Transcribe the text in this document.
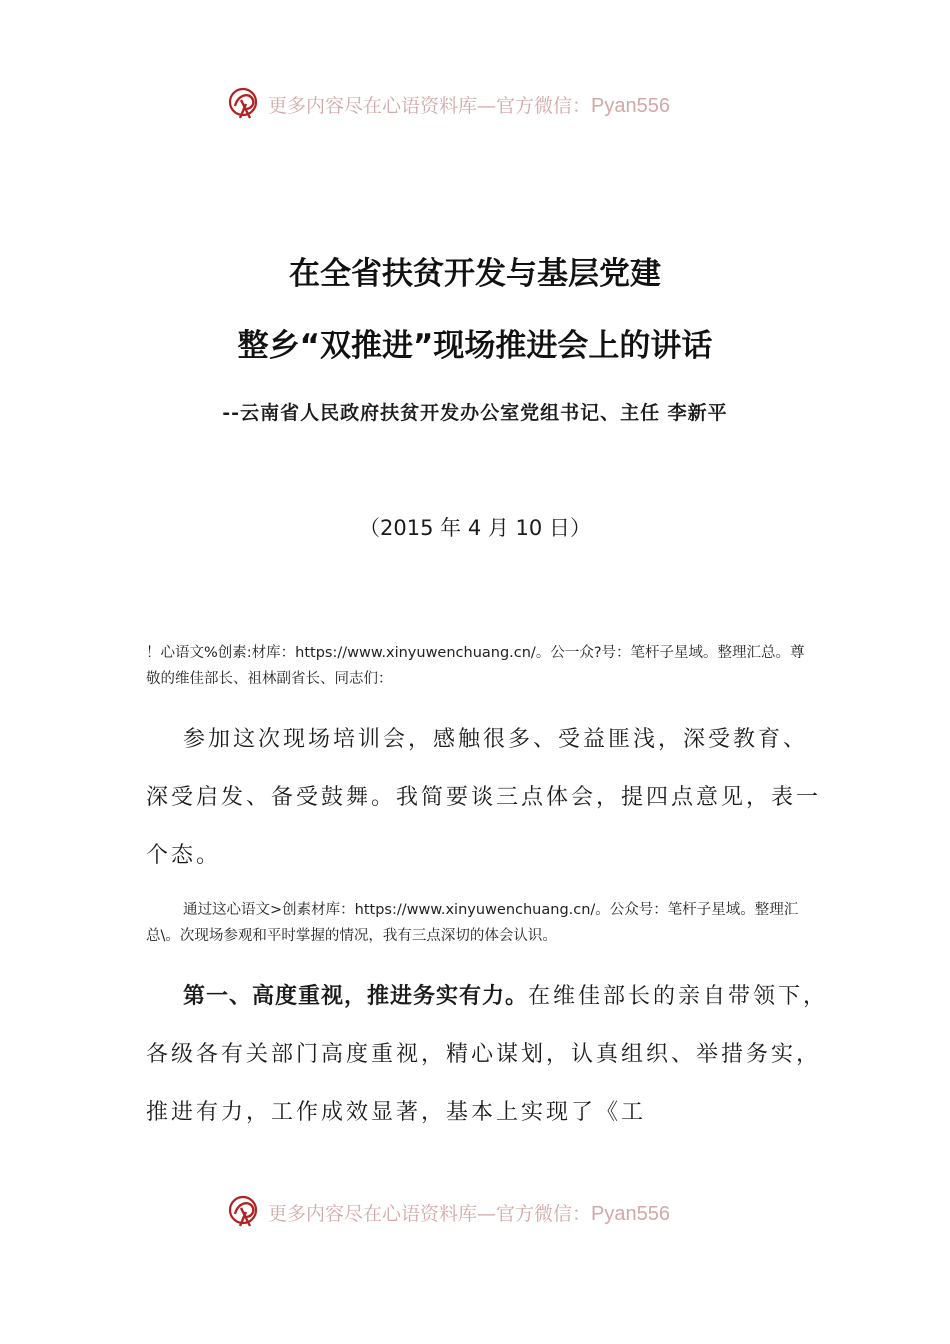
更多内容尽在心语资料库—官方微信：Pyan556
在全省扶贫开发与基层党建
整乡“双推进”现场推进会上的讲话
--云南省人民政府扶贫开发办公室党组书记、主任 李新平
（2015 年 4 月 10 日）
！心语文%创素:材库：https://www.xinyuwenchuang.cn/。公一众?号：笔杆子星域。整理汇总。尊敬的维佳部长、祖林副省长、同志们：
参加这次现场培训会，感触很多、受益匪浅，深受教育、深受启发、备受鼓舞。我简要谈三点体会，提四点意见，表一个态。
通过这心语文>创素材库：https://www.xinyuwenchuang.cn/。公众号：笔杆子星域。整理汇总\。次现场参观和平时掌握的情况，我有三点深切的体会认识。
第一、高度重视，推进务实有力。在维佳部长的亲自带领下，各级各有关部门高度重视，精心谋划，认真组织、举措务实，推进有力，工作成效显著，基本上实现了《工
更多内容尽在心语资料库—官方微信：Pyan556
